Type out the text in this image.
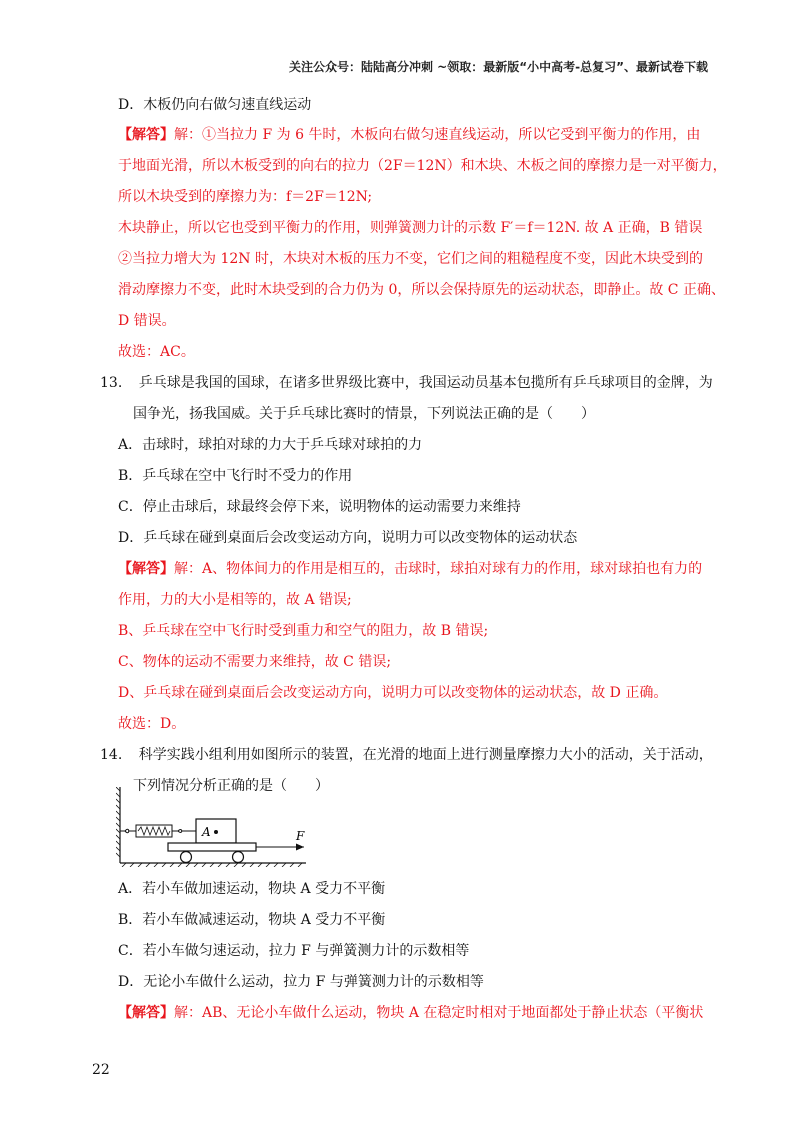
关注公众号：陆陆高分冲刺 ~领取：最新版“小中高考-总复习”、最新试卷下载
D．木板仍向右做匀速直线运动
【解答】解：①当拉力 F 为 6 牛时，木板向右做匀速直线运动，所以它受到平衡力的作用，由
于地面光滑，所以木板受到的向右的拉力（2F＝12N）和木块、木板之间的摩擦力是一对平衡力，
所以木块受到的摩擦力为：f＝2F＝12N;
木块静止，所以它也受到平衡力的作用，则弹簧测力计的示数 F′＝f＝12N. 故 A 正确，B 错误
②当拉力增大为 12N 时，木块对木板的压力不变，它们之间的粗糙程度不变，因此木块受到的
滑动摩擦力不变，此时木块受到的合力仍为 0，所以会保持原先的运动状态，即静止。故 C 正确、
D 错误。
故选：AC。
13. 乒乓球是我国的国球，在诸多世界级比赛中，我国运动员基本包揽所有乒乓球项目的金牌，为
国争光，扬我国威。关于乒乓球比赛时的情景，下列说法正确的是（　　）
A．击球时，球拍对球的力大于乒乓球对球拍的力
B．乒乓球在空中飞行时不受力的作用
C．停止击球后，球最终会停下来，说明物体的运动需要力来维持
D．乒乓球在碰到桌面后会改变运动方向，说明力可以改变物体的运动状态
【解答】解：A、物体间力的作用是相互的，击球时，球拍对球有力的作用，球对球拍也有力的
作用，力的大小是相等的，故 A 错误;
B、乒乓球在空中飞行时受到重力和空气的阻力，故 B 错误;
C、物体的运动不需要力来维持，故 C 错误;
D、乒乓球在碰到桌面后会改变运动方向，说明力可以改变物体的运动状态，故 D 正确。
故选：D。
14. 科学实践小组利用如图所示的装置，在光滑的地面上进行测量摩擦力大小的活动，关于活动，
下列情况分析正确的是（　　）
A	F
A．若小车做加速运动，物块 A 受力不平衡
B．若小车做减速运动，物块 A 受力不平衡
C．若小车做匀速运动，拉力 F 与弹簧测力计的示数相等
D．无论小车做什么运动，拉力 F 与弹簧测力计的示数相等
【解答】解：AB、无论小车做什么运动，物块 A 在稳定时相对于地面都处于静止状态（平衡状
22
